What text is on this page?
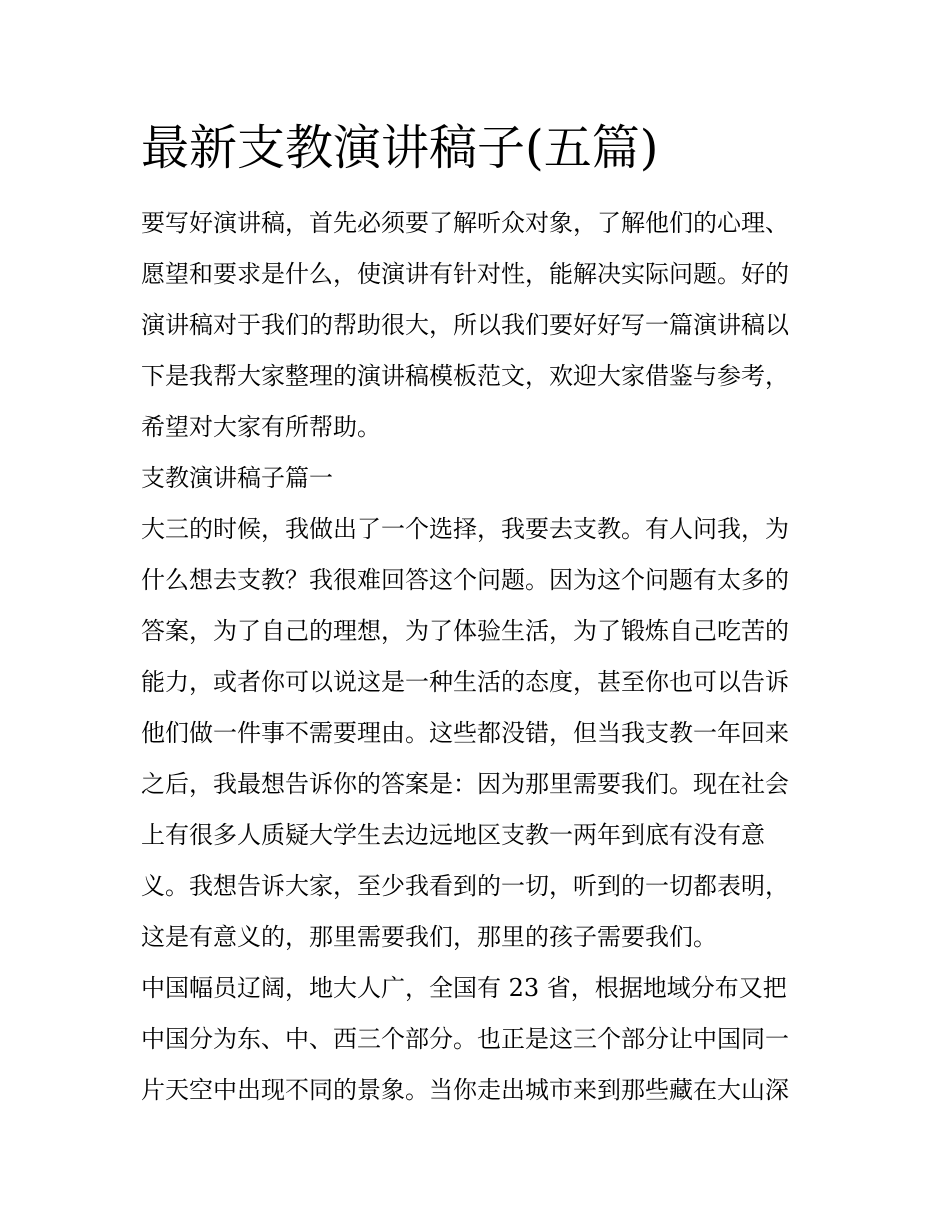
最新支教演讲稿子(五篇)
要写好演讲稿，首先必须要了解听众对象，了解他们的心理、
愿望和要求是什么，使演讲有针对性，能解决实际问题。好的
演讲稿对于我们的帮助很大，所以我们要好好写一篇演讲稿以
下是我帮大家整理的演讲稿模板范文，欢迎大家借鉴与参考，
希望对大家有所帮助。
支教演讲稿子篇一
大三的时候，我做出了一个选择，我要去支教。有人问我，为
什么想去支教？我很难回答这个问题。因为这个问题有太多的
答案，为了自己的理想，为了体验生活，为了锻炼自己吃苦的
能力，或者你可以说这是一种生活的态度，甚至你也可以告诉
他们做一件事不需要理由。这些都没错，但当我支教一年回来
之后，我最想告诉你的答案是：因为那里需要我们。现在社会
上有很多人质疑大学生去边远地区支教一两年到底有没有意
义。我想告诉大家，至少我看到的一切，听到的一切都表明，
这是有意义的，那里需要我们，那里的孩子需要我们。
中国幅员辽阔，地大人广，全国有 23 省，根据地域分布又把
中国分为东、中、西三个部分。也正是这三个部分让中国同一
片天空中出现不同的景象。当你走出城市来到那些藏在大山深
